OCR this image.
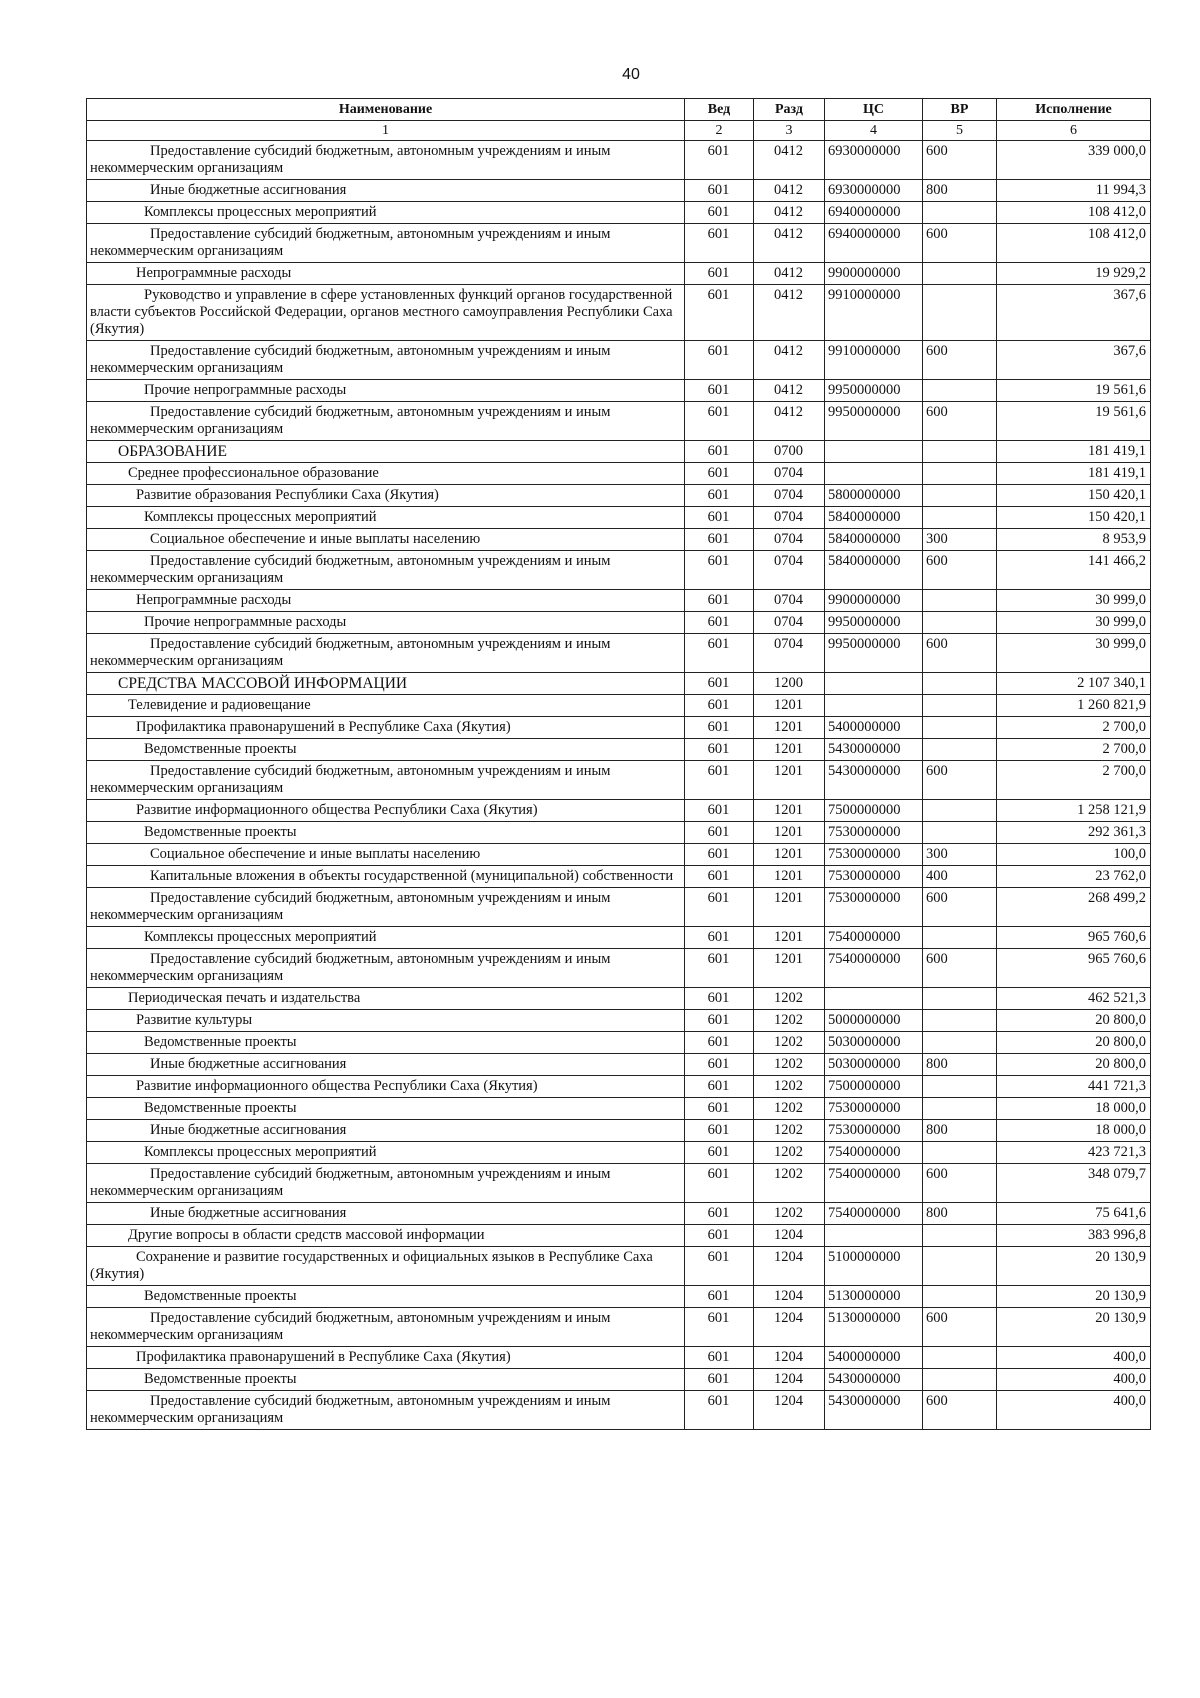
40
Наименование	Вед	Разд	ЦС	ВР	Исполнение
1	2	3	4	5	6
Предоставление субсидий бюджетным, автономным учреждениям и иным некоммерческим организациям	601	0412	6930000000	600	339 000,0
Иные бюджетные ассигнования	601	0412	6930000000	800	11 994,3
Комплексы процессных мероприятий	601	0412	6940000000		108 412,0
Предоставление субсидий бюджетным, автономным учреждениям и иным некоммерческим организациям	601	0412	6940000000	600	108 412,0
Непрограммные расходы	601	0412	9900000000		19 929,2
Руководство и управление в сфере установленных функций органов государственной власти субъектов Российской Федерации, органов местного самоуправления Республики Саха (Якутия)	601	0412	9910000000		367,6
Предоставление субсидий бюджетным, автономным учреждениям и иным некоммерческим организациям	601	0412	9910000000	600	367,6
Прочие непрограммные расходы	601	0412	9950000000		19 561,6
Предоставление субсидий бюджетным, автономным учреждениям и иным некоммерческим организациям	601	0412	9950000000	600	19 561,6
ОБРАЗОВАНИЕ	601	0700			181 419,1
Среднее профессиональное образование	601	0704			181 419,1
Развитие образования Республики Саха (Якутия)	601	0704	5800000000		150 420,1
Комплексы процессных мероприятий	601	0704	5840000000		150 420,1
Социальное обеспечение и иные выплаты населению	601	0704	5840000000	300	8 953,9
Предоставление субсидий бюджетным, автономным учреждениям и иным некоммерческим организациям	601	0704	5840000000	600	141 466,2
Непрограммные расходы	601	0704	9900000000		30 999,0
Прочие непрограммные расходы	601	0704	9950000000		30 999,0
Предоставление субсидий бюджетным, автономным учреждениям и иным некоммерческим организациям	601	0704	9950000000	600	30 999,0
СРЕДСТВА МАССОВОЙ ИНФОРМАЦИИ	601	1200			2 107 340,1
Телевидение и радиовещание	601	1201			1 260 821,9
Профилактика правонарушений в Республике Саха (Якутия)	601	1201	5400000000		2 700,0
Ведомственные проекты	601	1201	5430000000		2 700,0
Предоставление субсидий бюджетным, автономным учреждениям и иным некоммерческим организациям	601	1201	5430000000	600	2 700,0
Развитие информационного общества Республики Саха (Якутия)	601	1201	7500000000		1 258 121,9
Ведомственные проекты	601	1201	7530000000		292 361,3
Социальное обеспечение и иные выплаты населению	601	1201	7530000000	300	100,0
Капитальные вложения в объекты государственной (муниципальной) собственности	601	1201	7530000000	400	23 762,0
Предоставление субсидий бюджетным, автономным учреждениям и иным некоммерческим организациям	601	1201	7530000000	600	268 499,2
Комплексы процессных мероприятий	601	1201	7540000000		965 760,6
Предоставление субсидий бюджетным, автономным учреждениям и иным некоммерческим организациям	601	1201	7540000000	600	965 760,6
Периодическая печать и издательства	601	1202			462 521,3
Развитие культуры	601	1202	5000000000		20 800,0
Ведомственные проекты	601	1202	5030000000		20 800,0
Иные бюджетные ассигнования	601	1202	5030000000	800	20 800,0
Развитие информационного общества Республики Саха (Якутия)	601	1202	7500000000		441 721,3
Ведомственные проекты	601	1202	7530000000		18 000,0
Иные бюджетные ассигнования	601	1202	7530000000	800	18 000,0
Комплексы процессных мероприятий	601	1202	7540000000		423 721,3
Предоставление субсидий бюджетным, автономным учреждениям и иным некоммерческим организациям	601	1202	7540000000	600	348 079,7
Иные бюджетные ассигнования	601	1202	7540000000	800	75 641,6
Другие вопросы в области средств массовой информации	601	1204			383 996,8
Сохранение и развитие государственных и официальных языков в Республике Саха (Якутия)	601	1204	5100000000		20 130,9
Ведомственные проекты	601	1204	5130000000		20 130,9
Предоставление субсидий бюджетным, автономным учреждениям и иным некоммерческим организациям	601	1204	5130000000	600	20 130,9
Профилактика правонарушений в Республике Саха (Якутия)	601	1204	5400000000		400,0
Ведомственные проекты	601	1204	5430000000		400,0
Предоставление субсидий бюджетным, автономным учреждениям и иным некоммерческим организациям	601	1204	5430000000	600	400,0
